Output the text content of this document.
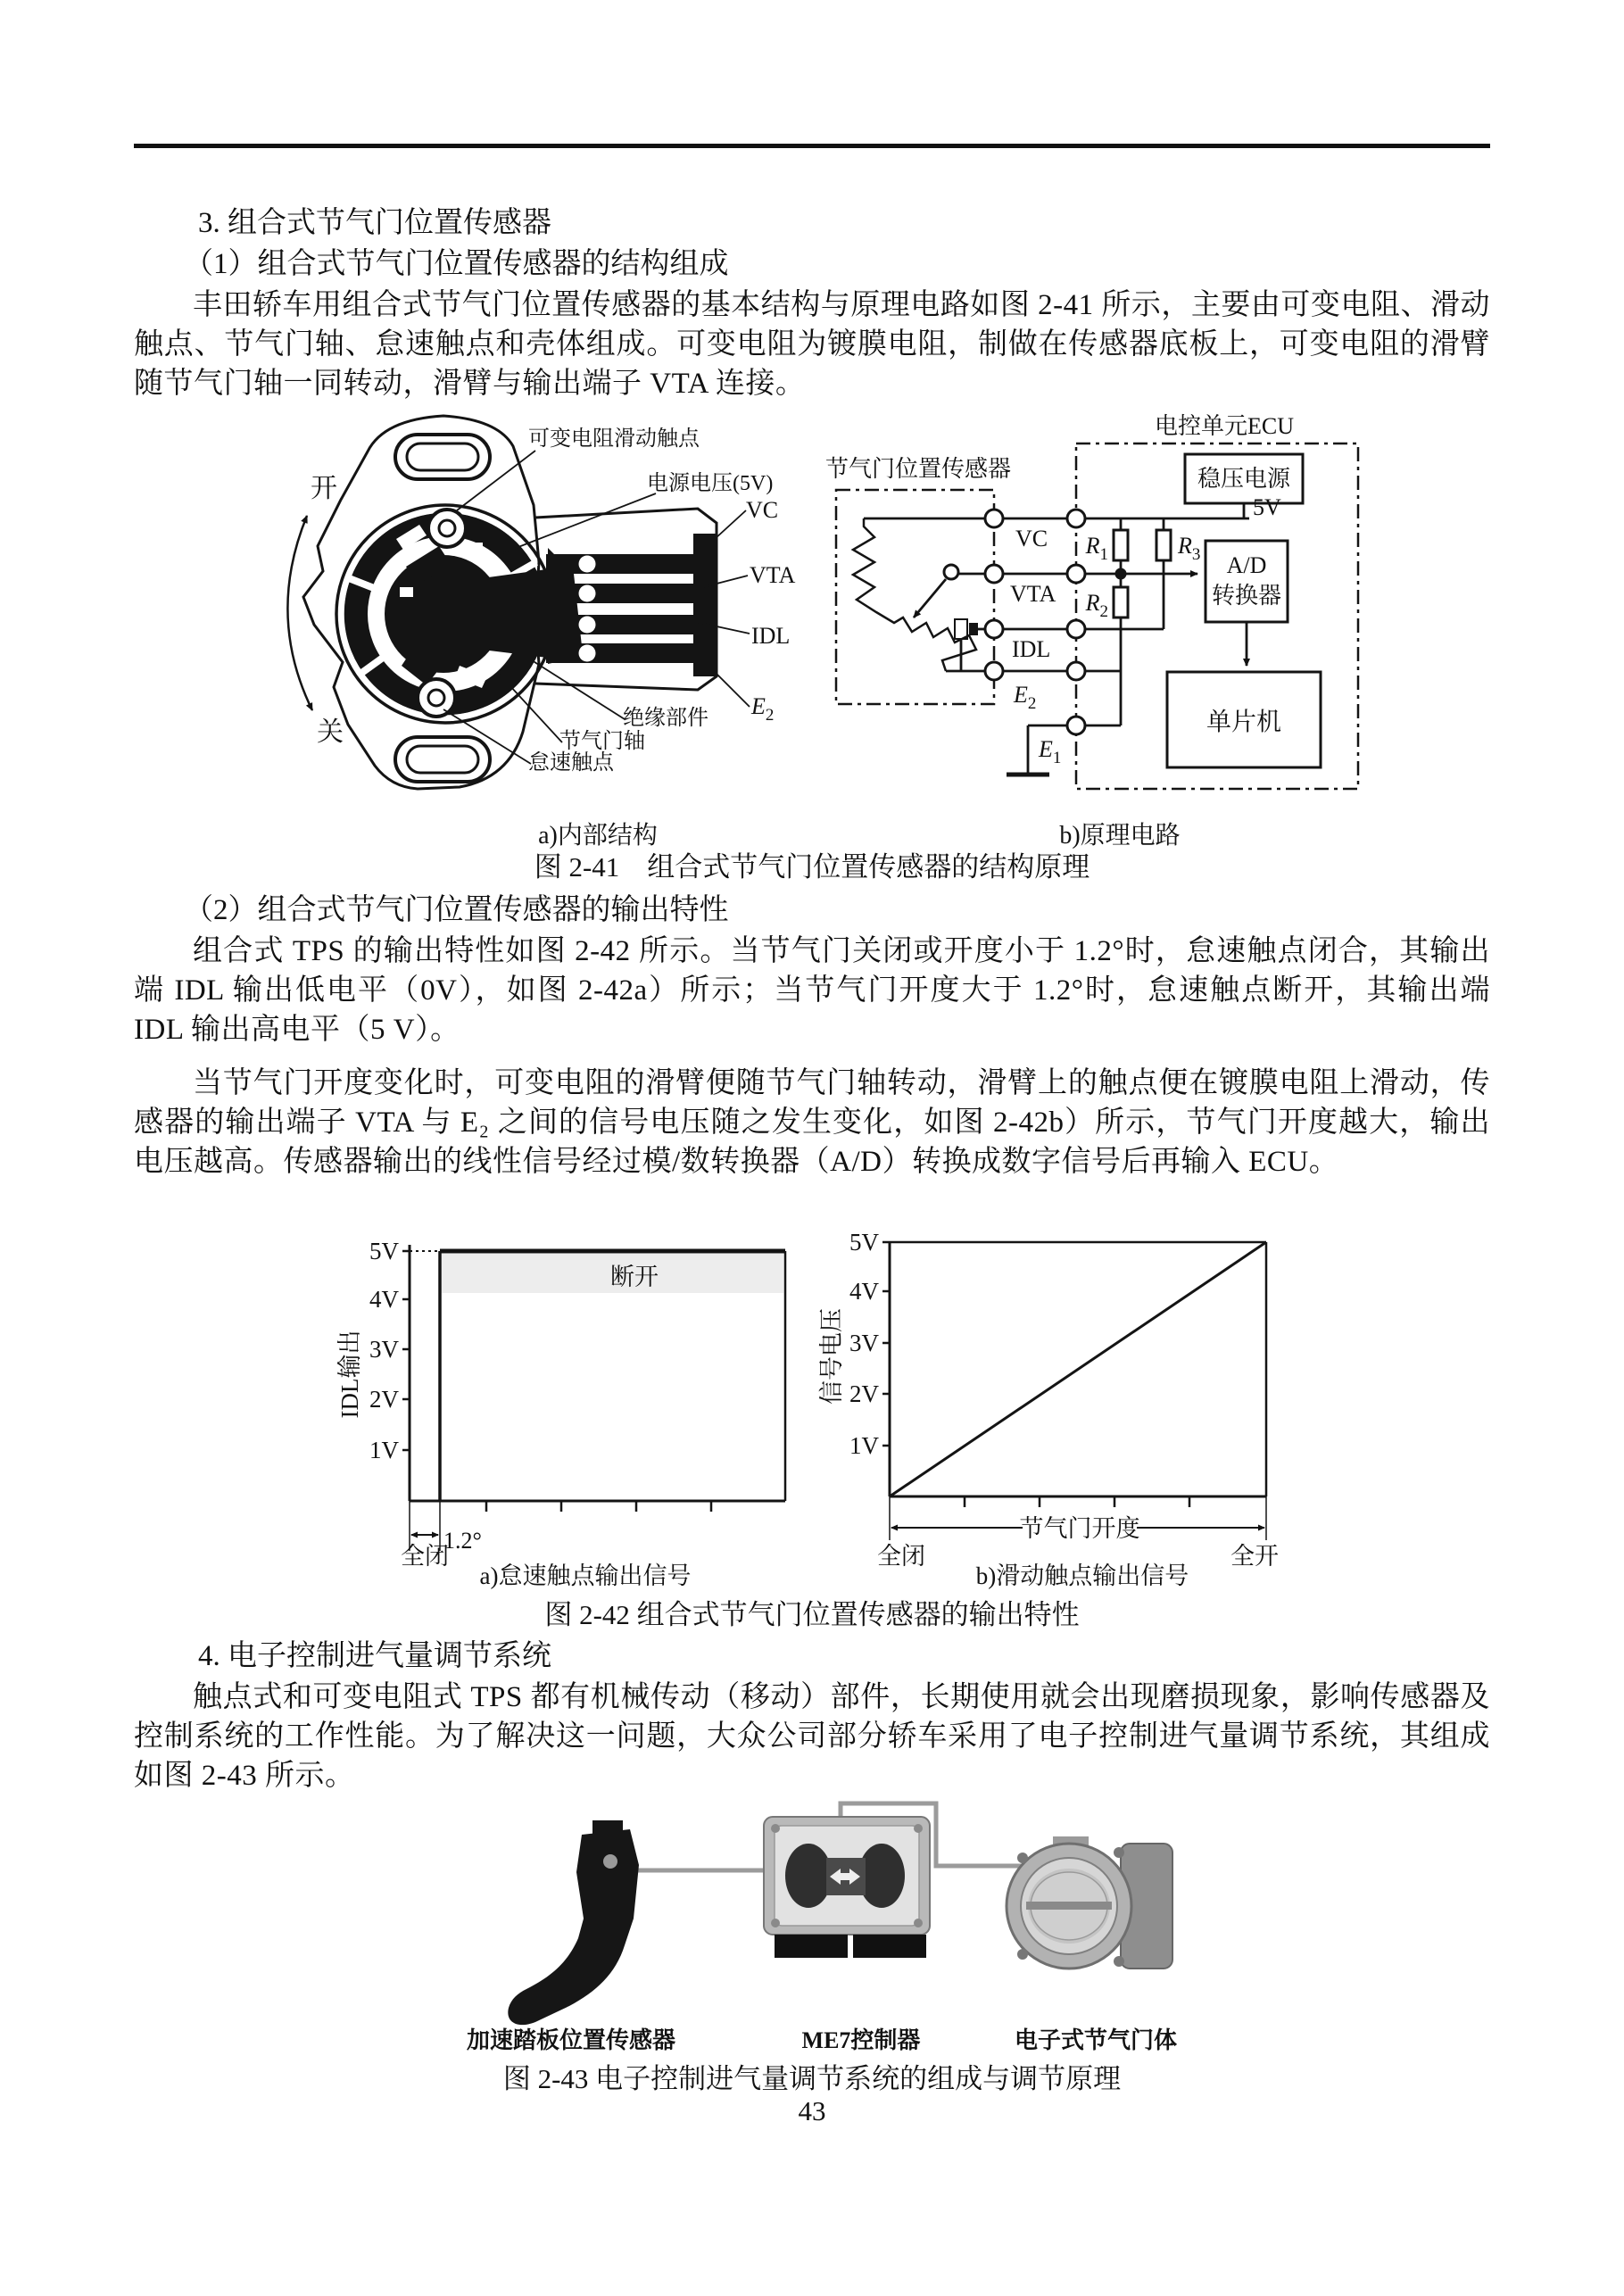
3. 组合式节气门位置传感器
（1）组合式节气门位置传感器的结构组成
丰田轿车用组合式节气门位置传感器的基本结构与原理电路如图 2-41 所示，主要由可变电阻、滑动触点、节气门轴、怠速触点和壳体组成。可变电阻为镀膜电阻，制做在传感器底板上，可变电阻的滑臂随节气门轴一同转动，滑臂与输出端子 VTA 连接。
可变电阻滑动触点
电源电压(5V)
VC
VTA
IDL
$E_2$
绝缘部件
节气门轴
怠速触点
开
关
a)内部结构
节气门位置传感器
电控单元ECU
稳压电源
5V
VC
VTA
IDL
$E_2$
$E_1$
$R_1$
$R_2$
$R_3$ A/D
转换器
单片机
b)原理电路
图 2-41　组合式节气门位置传感器的结构原理
（2）组合式节气门位置传感器的输出特性
组合式 TPS 的输出特性如图 2-42 所示。当节气门关闭或开度小于 1.2°时，怠速触点闭合，其输出端 IDL 输出低电平（0V），如图 2-42a）所示；当节气门开度大于 1.2°时，怠速触点断开，其输出端 IDL 输出高电平（5 V）。
当节气门开度变化时，可变电阻的滑臂便随节气门轴转动，滑臂上的触点便在镀膜电阻上滑动，传感器的输出端子 VTA 与 E₂ 之间的信号电压随之发生变化，如图 2-42b）所示，节气门开度越大，输出电压越高。传感器输出的线性信号经过模/数转换器（A/D）转换成数字信号后再输入 ECU。
5V
4V
3V
2V
1V
IDL输出
断开
1.2°
全闭
a)怠速触点输出信号
5V
4V
3V
2V
1V
信号电压
节气门开度
全闭	全开
b)滑动触点输出信号
图 2-42 组合式节气门位置传感器的输出特性
4. 电子控制进气量调节系统
触点式和可变电阻式 TPS 都有机械传动（移动）部件，长期使用就会出现磨损现象，影响传感器及控制系统的工作性能。为了解决这一问题，大众公司部分轿车采用了电子控制进气量调节系统，其组成如图 2-43 所示。
加速踏板位置传感器	ME7控制器	电子式节气门体
图 2-43 电子控制进气量调节系统的组成与调节原理
43
